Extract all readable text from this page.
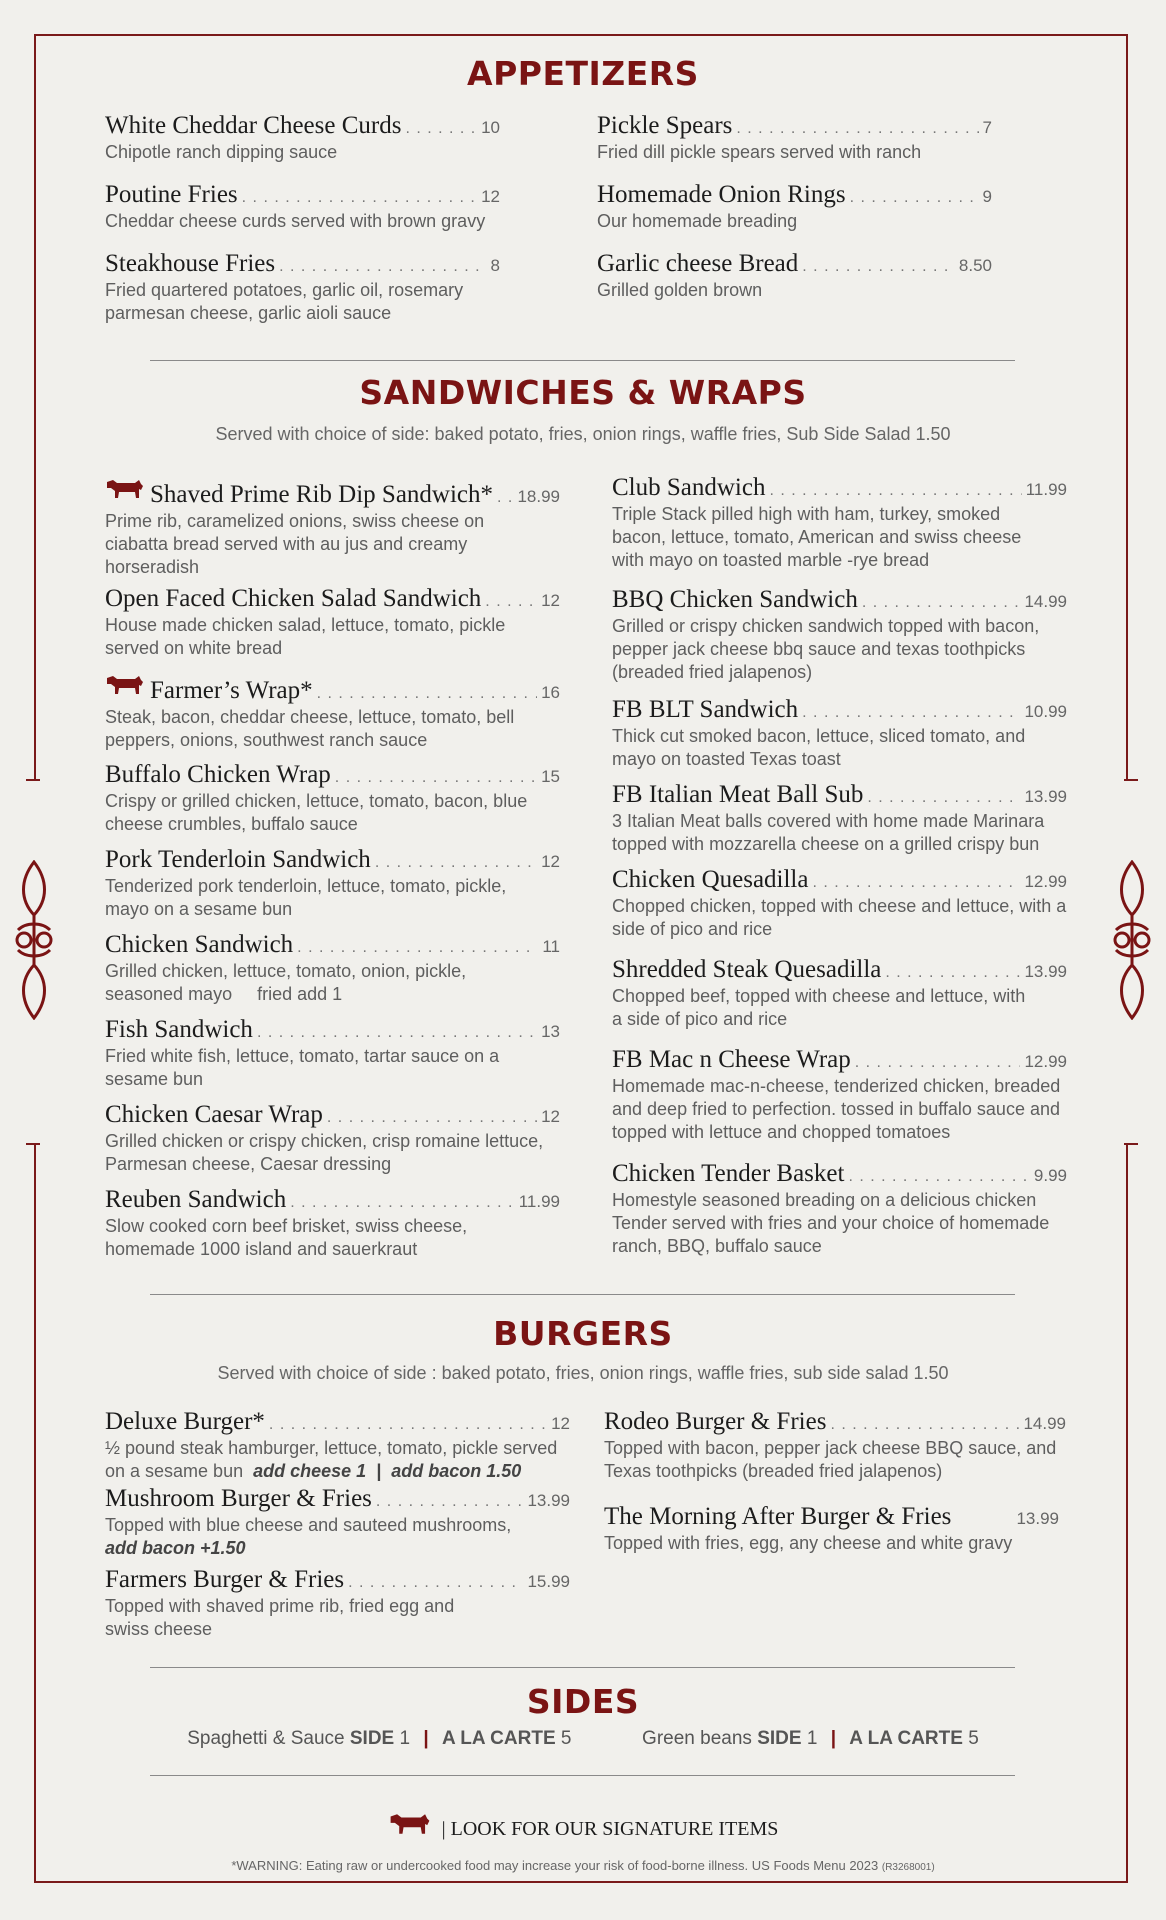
APPETIZERS
White Cheddar Cheese Curds . . .	10
Chipotle ranch dipping sauce
Pickle Spears . . .	7
Fried dill pickle spears served with ranch
Poutine Fries . . .	12
Cheddar cheese curds served with brown gravy
Homemade Onion Rings . . .	9
Our homemade breading
Steakhouse Fries . . .	8
Fried quartered potatoes, garlic oil, rosemary parmesan cheese, garlic aioli sauce
Garlic cheese Bread . . .	8.50
Grilled golden brown
SANDWICHES & WRAPS
Served with choice of side: baked potato, fries, onion rings, waffle fries, Sub Side Salad 1.50
Shaved Prime Rib Dip Sandwich* . . . 18.99
Prime rib, caramelized onions, swiss cheese on ciabatta bread served with au jus and creamy horseradish
Open Faced Chicken Salad Sandwich . . .	12
House made chicken salad, lettuce, tomato, pickle served on white bread
Farmer’s Wrap* . . .	16
Steak, bacon, cheddar cheese, lettuce, tomato, bell peppers, onions, southwest ranch sauce
Buffalo Chicken Wrap . . .	15
Crispy or grilled chicken, lettuce, tomato, bacon, blue cheese crumbles, buffalo sauce
Pork Tenderloin Sandwich . . .	12
Tenderized pork tenderloin, lettuce, tomato, pickle, mayo on a sesame bun
Chicken Sandwich . . .	11
Grilled chicken, lettuce, tomato, onion, pickle, seasoned mayo     fried add 1
Fish Sandwich . . .	13
Fried white fish, lettuce, tomato, tartar sauce on a sesame bun
Chicken Caesar Wrap . . .	12
Grilled chicken or crispy chicken, crisp romaine lettuce, Parmesan cheese, Caesar dressing
Reuben Sandwich . . .	11.99
Slow cooked corn beef brisket, swiss cheese, homemade 1000 island and sauerkraut
Club Sandwich . . .	11.99
Triple Stack pilled high with ham, turkey, smoked bacon, lettuce, tomato, American and swiss cheese with mayo on toasted marble -rye bread
BBQ Chicken Sandwich . . .	14.99
Grilled or crispy chicken sandwich topped with bacon, pepper jack cheese bbq sauce and texas toothpicks (breaded fried jalapenos)
FB BLT Sandwich . . .	10.99
Thick cut smoked bacon, lettuce, sliced tomato, and mayo on toasted Texas toast
FB Italian Meat Ball Sub . . .	13.99
3 Italian Meat balls covered with home made Marinara topped with mozzarella cheese on a grilled crispy bun
Chicken Quesadilla . . .	12.99
Chopped chicken, topped with cheese and lettuce, with a side of pico and rice
Shredded Steak Quesadilla . . .	13.99
Chopped beef, topped with cheese and lettuce, with a side of pico and rice
FB Mac n Cheese Wrap . . .	12.99
Homemade mac-n-cheese, tenderized chicken, breaded and deep fried to perfection. tossed in buffalo sauce and topped with lettuce and chopped tomatoes
Chicken Tender Basket . . .	9.99
Homestyle seasoned breading on a delicious chicken Tender served with fries and your choice of homemade ranch, BBQ, buffalo sauce
BURGERS
Served with choice of side : baked potato, fries, onion rings, waffle fries, sub side salad 1.50
Deluxe Burger* . . .	12
½ pound steak hamburger, lettuce, tomato, pickle served on a sesame bun add cheese 1  |  add bacon 1.50
Rodeo Burger & Fries . . .	14.99
Topped with bacon, pepper jack cheese BBQ sauce, and Texas toothpicks (breaded fried jalapenos)
Mushroom Burger & Fries . . .	13.99
Topped with blue cheese and sauteed mushrooms,
add bacon +1.50
The Morning After Burger & Fries	13.99
Topped with fries, egg, any cheese and white gravy
Farmers Burger & Fries . . .	15.99
Topped with shaved prime rib, fried egg and swiss cheese
SIDES
Spaghetti & Sauce SIDE 1 | A LA CARTE 5	Green beans SIDE 1 | A LA CARTE 5
| LOOK FOR OUR SIGNATURE ITEMS
*WARNING: Eating raw or undercooked food may increase your risk of food-borne illness. US Foods Menu 2023 (R3268001)
